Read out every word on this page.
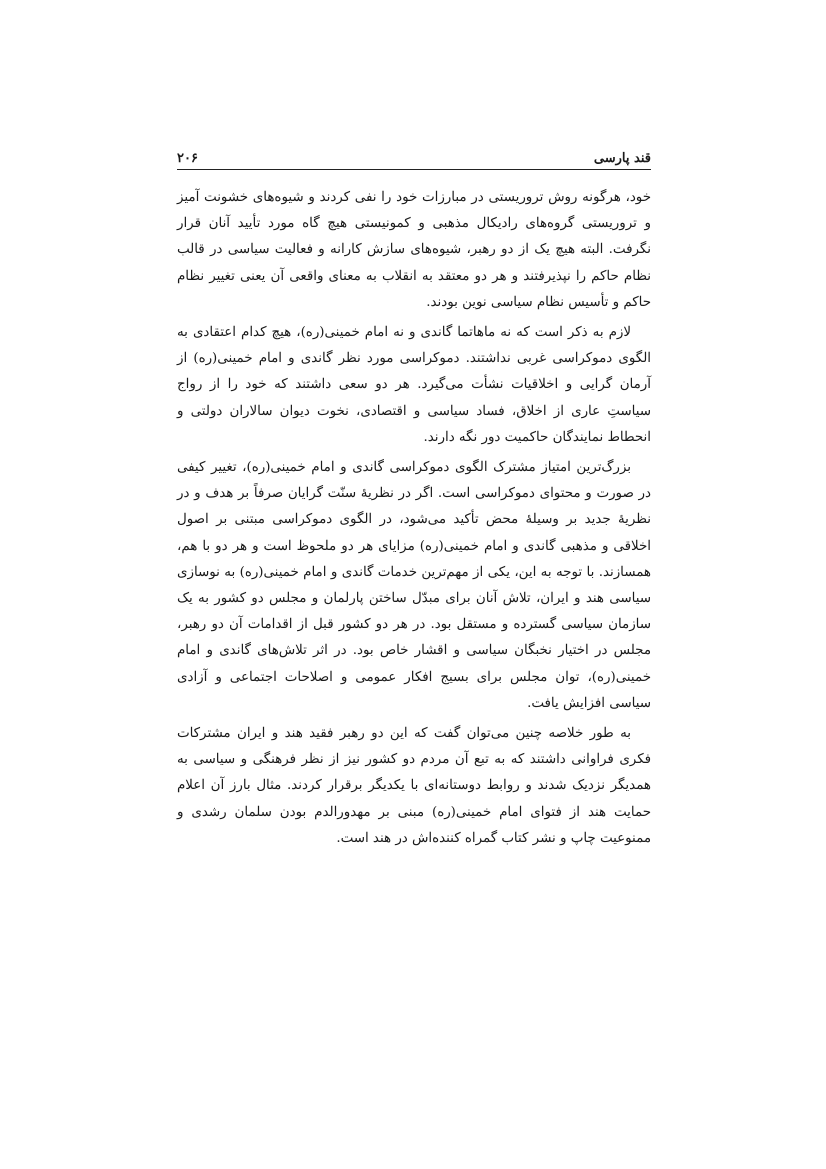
قند پارسی
۲۰۶

خود، هرگونه روش تروریستی در مبارزات خود را نفی کردند و شیوه‌های خشونت آمیز و تروریستی گروه‌های رادیکال مذهبی و کمونیستی هیچ گاه مورد تأیید آنان قرار نگرفت. البته هیچ یک از دو رهبر، شیوه‌های سازش کارانه و فعالیت سیاسی در قالب نظام حاکم را نپذیرفتند و هر دو معتقد به انقلاب به معنای واقعی آن یعنی تغییر نظام حاکم و تأسیس نظام سیاسی نوین بودند.

لازم به ذکر است که نه ماهاتما گاندی و نه امام خمینی(ره)، هیچ کدام اعتقادی به الگوی دموکراسی غربی نداشتند. دموکراسی مورد نظر گاندی و امام خمینی(ره) از آرمان گرایی و اخلاقیات نشأت می‌گیرد. هر دو سعی داشتند که خود را از رواج سیاستِ عاری از اخلاق، فساد سیاسی و اقتصادی، نخوت دیوان سالاران دولتی و انحطاط نمایندگان حاکمیت دور نگه دارند.

بزرگ‌ترین امتیاز مشترک الگوی دموکراسی گاندی و امام خمینی(ره)، تغییر کیفی در صورت و محتوای دموکراسی است. اگر در نظریۀ سنّت گرایان صرفاً بر هدف و در نظریۀ جدید بر وسیلۀ محض تأکید می‌شود، در الگوی دموکراسی مبتنی بر اصول اخلاقی و مذهبی گاندی و امام خمینی(ره) مزایای هر دو ملحوظ است و هر دو با هم، همسازند. با توجه به این، یکی از مهم‌ترین خدمات گاندی و امام خمینی(ره) به نوسازی سیاسی هند و ایران، تلاش آنان برای مبدّل ساختن پارلمان و مجلس دو کشور به یک سازمان سیاسی گسترده و مستقل بود. در هر دو کشور قبل از اقدامات آن دو رهبر، مجلس در اختیار نخبگان سیاسی و اقشار خاص بود. در اثر تلاش‌های گاندی و امام خمینی(ره)، توان مجلس برای بسیج افکار عمومی و اصلاحات اجتماعی و آزادی سیاسی افزایش یافت.

به طور خلاصه چنین می‌توان گفت که این دو رهبر فقید هند و ایران مشترکات فکری فراوانی داشتند که به تبع آن مردم دو کشور نیز از نظر فرهنگی و سیاسی به همدیگر نزدیک شدند و روابط دوستانه‌ای با یکدیگر برقرار کردند. مثال بارز آن اعلام حمایت هند از فتوای امام خمینی(ره) مبنی بر مهدورالدم بودن سلمان رشدی و ممنوعیت چاپ و نشر کتاب گمراه کننده‌اش در هند است.
